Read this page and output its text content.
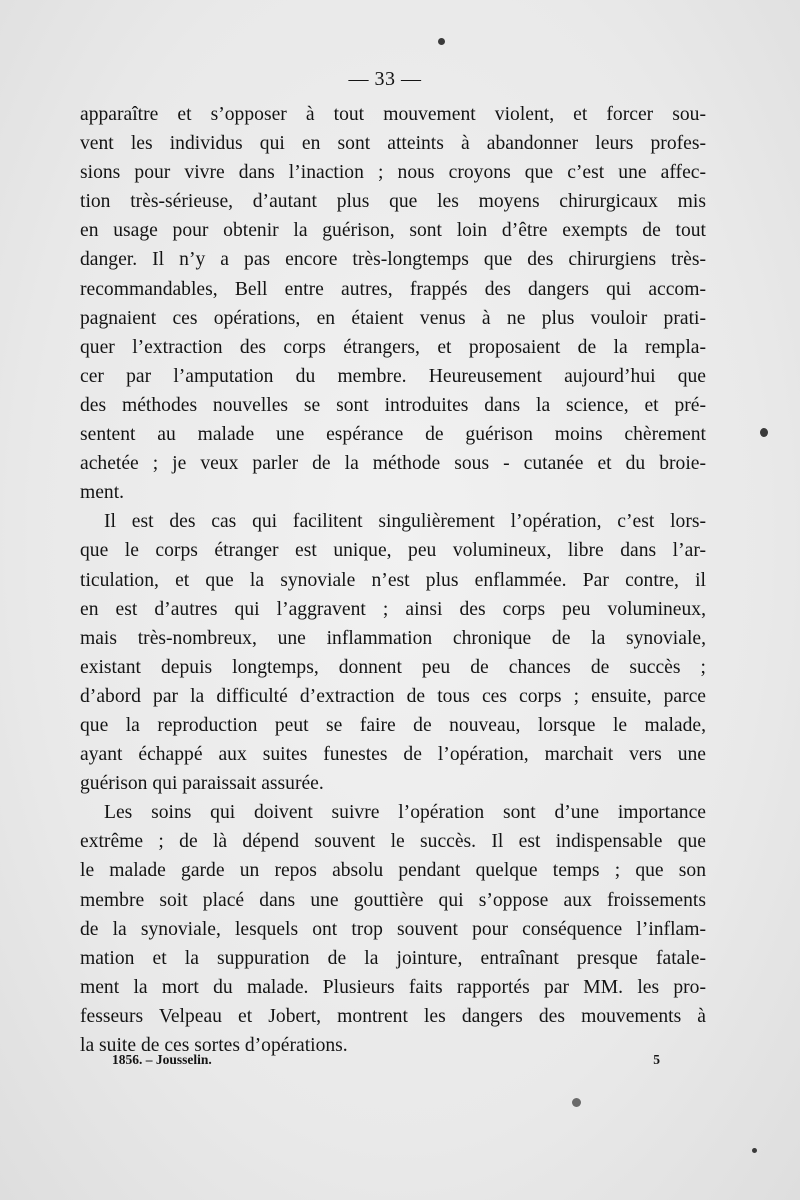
— 33 —

apparaître et s’opposer à tout mouvement violent, et forcer sou-

vent les individus qui en sont atteints à abandonner leurs profes-

sions pour vivre dans l’inaction ; nous croyons que c’est une affec-

tion très-sérieuse, d’autant plus que les moyens chirurgicaux mis

en usage pour obtenir la guérison, sont loin d’être exempts de tout

danger. Il n’y a pas encore très-longtemps que des chirurgiens très-

recommandables, Bell entre autres, frappés des dangers qui accom-

pagnaient ces opérations, en étaient venus à ne plus vouloir prati-

quer l’extraction des corps étrangers, et proposaient de la rempla-

cer par l’amputation du membre. Heureusement aujourd’hui que

des méthodes nouvelles se sont introduites dans la science, et pré-

sentent au malade une espérance de guérison moins chèrement

achetée ; je veux parler de la méthode sous - cutanée et du broie-

ment.

Il est des cas qui facilitent singulièrement l’opération, c’est lors-

que le corps étranger est unique, peu volumineux, libre dans l’ar-

ticulation, et que la synoviale n’est plus enflammée. Par contre, il

en est d’autres qui l’aggravent ; ainsi des corps peu volumineux,

mais très-nombreux, une inflammation chronique de la synoviale,

existant depuis longtemps, donnent peu de chances de succès ;

d’abord par la difficulté d’extraction de tous ces corps ; ensuite, parce

que la reproduction peut se faire de nouveau, lorsque le malade,

ayant échappé aux suites funestes de l’opération, marchait vers une

guérison qui paraissait assurée.

Les soins qui doivent suivre l’opération sont d’une importance

extrême ; de là dépend souvent le succès. Il est indispensable que

le malade garde un repos absolu pendant quelque temps ; que son

membre soit placé dans une gouttière qui s’oppose aux froissements

de la synoviale, lesquels ont trop souvent pour conséquence l’inflam-

mation et la suppuration de la jointure, entraînant presque fatale-

ment la mort du malade. Plusieurs faits rapportés par MM. les pro-

fesseurs Velpeau et Jobert, montrent les dangers des mouvements à

la suite de ces sortes d’opérations.

1856. – Jousselin.	5
